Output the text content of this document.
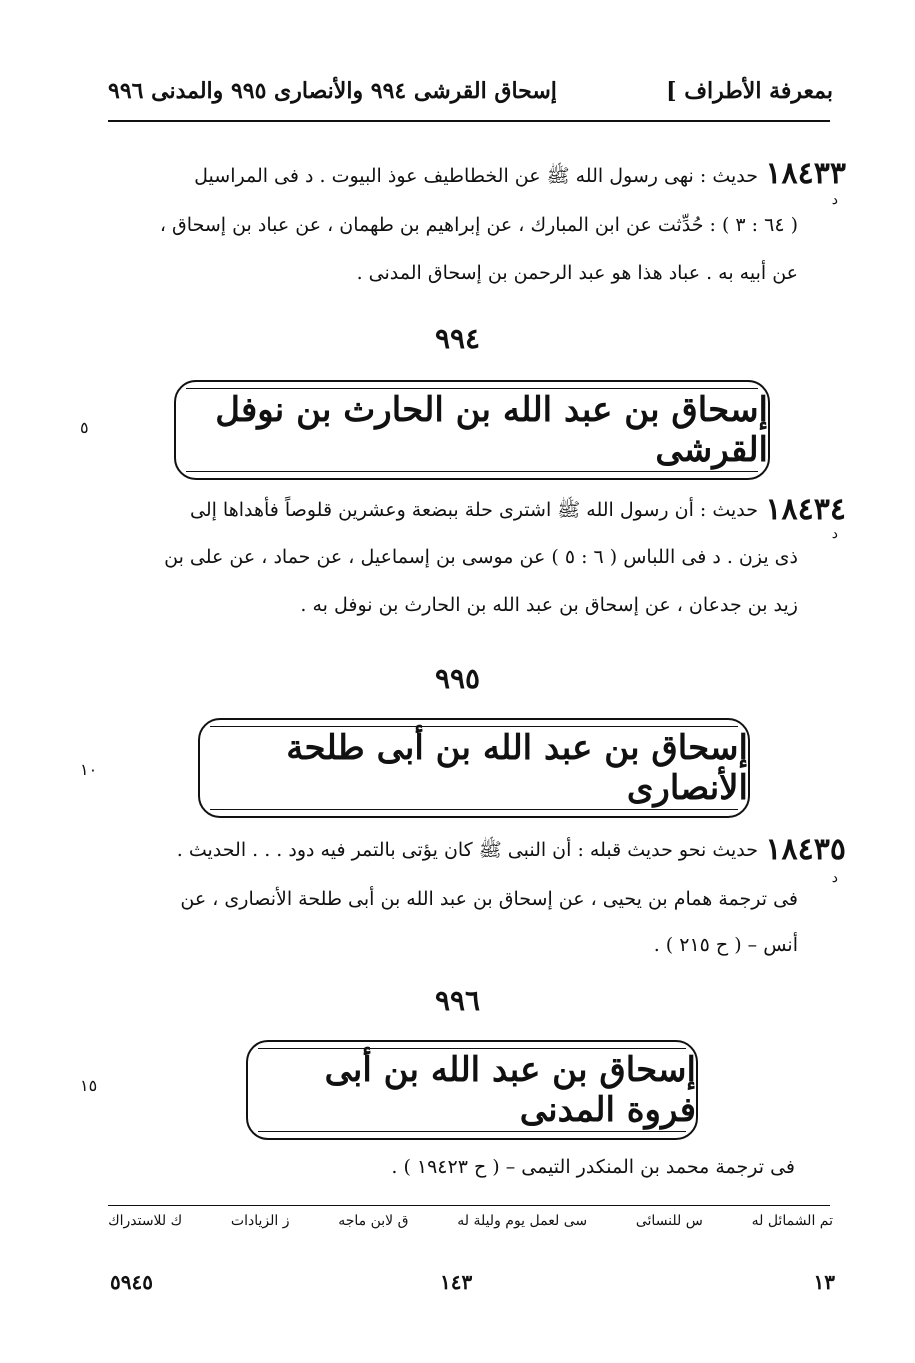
إسحاق القرشى ٩٩٤ والأنصارى ٩٩٥ والمدنى ٩٩٦	بمعرفة الأطراف ]
١٨٤٣٣
حديث : نهى رسول الله ﷺ عن الخطاطيف عوذ البيوت . د فى المراسيل
د
( ٦٤ : ٣ ) : حُدِّثت عن ابن المبارك ، عن إبراهيم بن طهمان ، عن عباد بن إسحاق ،
عن أبيه به . عباد هذا هو عبد الرحمن بن إسحاق المدنى .
٩٩٤
٥	إسحاق بن عبد الله بن الحارث بن نوفل القرشى
١٨٤٣٤
حديث : أن رسول الله ﷺ اشترى حلة ببضعة وعشرين قلوصاً فأهداها إلى
د
ذى يزن . د فى اللباس ( ٦ : ٥ ) عن موسى بن إسماعيل ، عن حماد ، عن على بن
زيد بن جدعان ، عن إسحاق بن عبد الله بن الحارث بن نوفل به .
٩٩٥
١٠
إسحاق بن عبد الله بن أبى طلحة الأنصارى
١٨٤٣٥
حديث نحو حديث قبله : أن النبى ﷺ كان يؤتى بالتمر فيه دود . . . الحديث .
د
فى ترجمة همام بن يحيى ، عن إسحاق بن عبد الله بن أبى طلحة الأنصارى ، عن
أنس – ( ح ٢١٥ ) .
٩٩٦
١٥	إسحاق بن عبد الله بن أبى فروة المدنى
فى ترجمة محمد بن المنكدر التيمى – ( ح ١٩٤٢٣ ) .
تم الشمائل له
س للنسائى
سى لعمل يوم وليلة له
ق لابن ماجه
ز الزيادات
ك للاستدراك
٥٩٤٥	١٤٣	١٣
